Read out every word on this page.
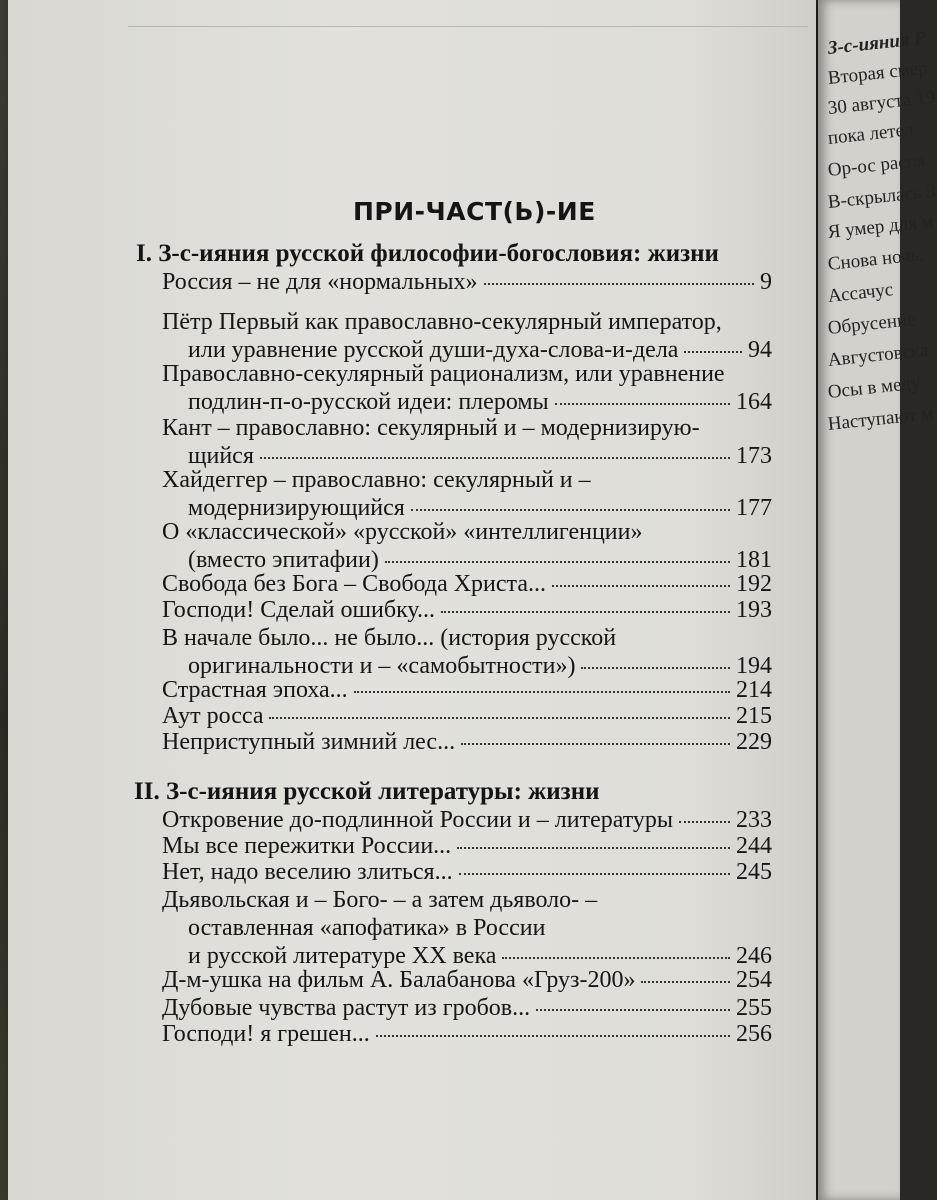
ПРИ-ЧАСТ(Ь)-ИЕ
I. З-с-ияния русской философии-богословия: жизни
Россия – не для «нормальных»	9
Пётр Первый как православно-секулярный император,
или уравнение русской души-духа-слова-и-дела	94
Православно-секулярный рационализм, или уравнение
подлин-п-о-русской идеи: плеромы	164
Кант – православно: секулярный и – модернизирую-
щийся	173
Хайдеггер – православно: секулярный и –
модернизирующийся	177
О «классической» «русской» «интеллигенции»
(вместо эпитафии)	181
Свобода без Бога – Свобода Христа...	192
Господи! Сделай ошибку...	193
В начале было... не было... (история русской
оригинальности и – «самобытности»)	194
Страстная эпоха...	214
Аут росса	215
Неприступный зимний лес...	229
II. З-с-ияния русской литературы: жизни
Откровение до-подлинной России и – литературы	233
Мы все пережитки России...	244
Нет, надо веселию злиться...	245
Дьявольская и – Бого- – а затем дьяволо- –
оставленная «апофатика» в России
и русской литературе XX века	246
Д-м-ушка на фильм А. Балабанова «Груз-200»	254
Дубовые чувства растут из гробов...	255
Господи! я грешен...	256
З-с-ияния Р
Вторая смер
30 августа 19
пока летел
Ор-ос распя
В-скрылась З
Я умер для м
Снова ночь.
Ассачус
Обрусение
Августовска
Осы в меду
Наступают м
